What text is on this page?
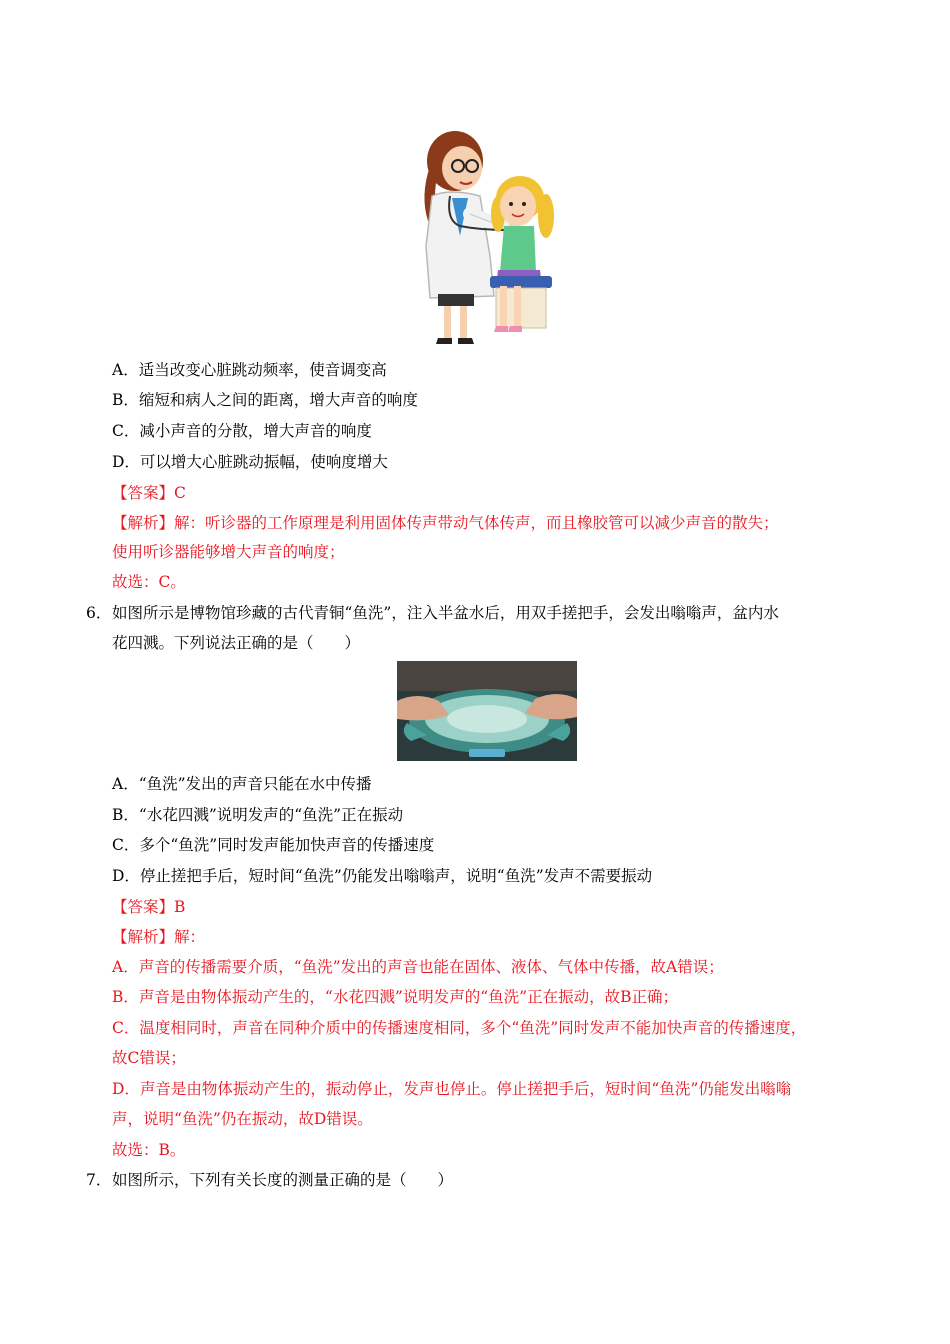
A．适当改变心脏跳动频率，使音调变高
B．缩短和病人之间的距离，增大声音的响度
C．减小声音的分散，增大声音的响度
D．可以增大心脏跳动振幅，使响度增大
【答案】C
【解析】解：听诊器的工作原理是利用固体传声带动气体传声，而且橡胶管可以减少声音的散失；
使用听诊器能够增大声音的响度；
故选：C。
6． 如图所示是博物馆珍藏的古代青铜“鱼洗”，注入半盆水后，用双手搓把手，会发出嗡嗡声，盆内水
花四溅。下列说法正确的是（　　）
A．“鱼洗”发出的声音只能在水中传播
B．“水花四溅”说明发声的“鱼洗”正在振动
C．多个“鱼洗”同时发声能加快声音的传播速度
D．停止搓把手后，短时间“鱼洗”仍能发出嗡嗡声，说明“鱼洗”发声不需要振动
【答案】B
【解析】解：
A．声音的传播需要介质，“鱼洗”发出的声音也能在固体、液体、气体中传播，故A错误；
B．声音是由物体振动产生的，“水花四溅”说明发声的“鱼洗”正在振动，故B正确；
C．温度相同时，声音在同种介质中的传播速度相同，多个“鱼洗”同时发声不能加快声音的传播速度，
故C错误；
D．声音是由物体振动产生的，振动停止，发声也停止。停止搓把手后，短时间“鱼洗”仍能发出嗡嗡
声，说明“鱼洗”仍在振动，故D错误。
故选：B。
7． 如图所示，下列有关长度的测量正确的是（　　）
